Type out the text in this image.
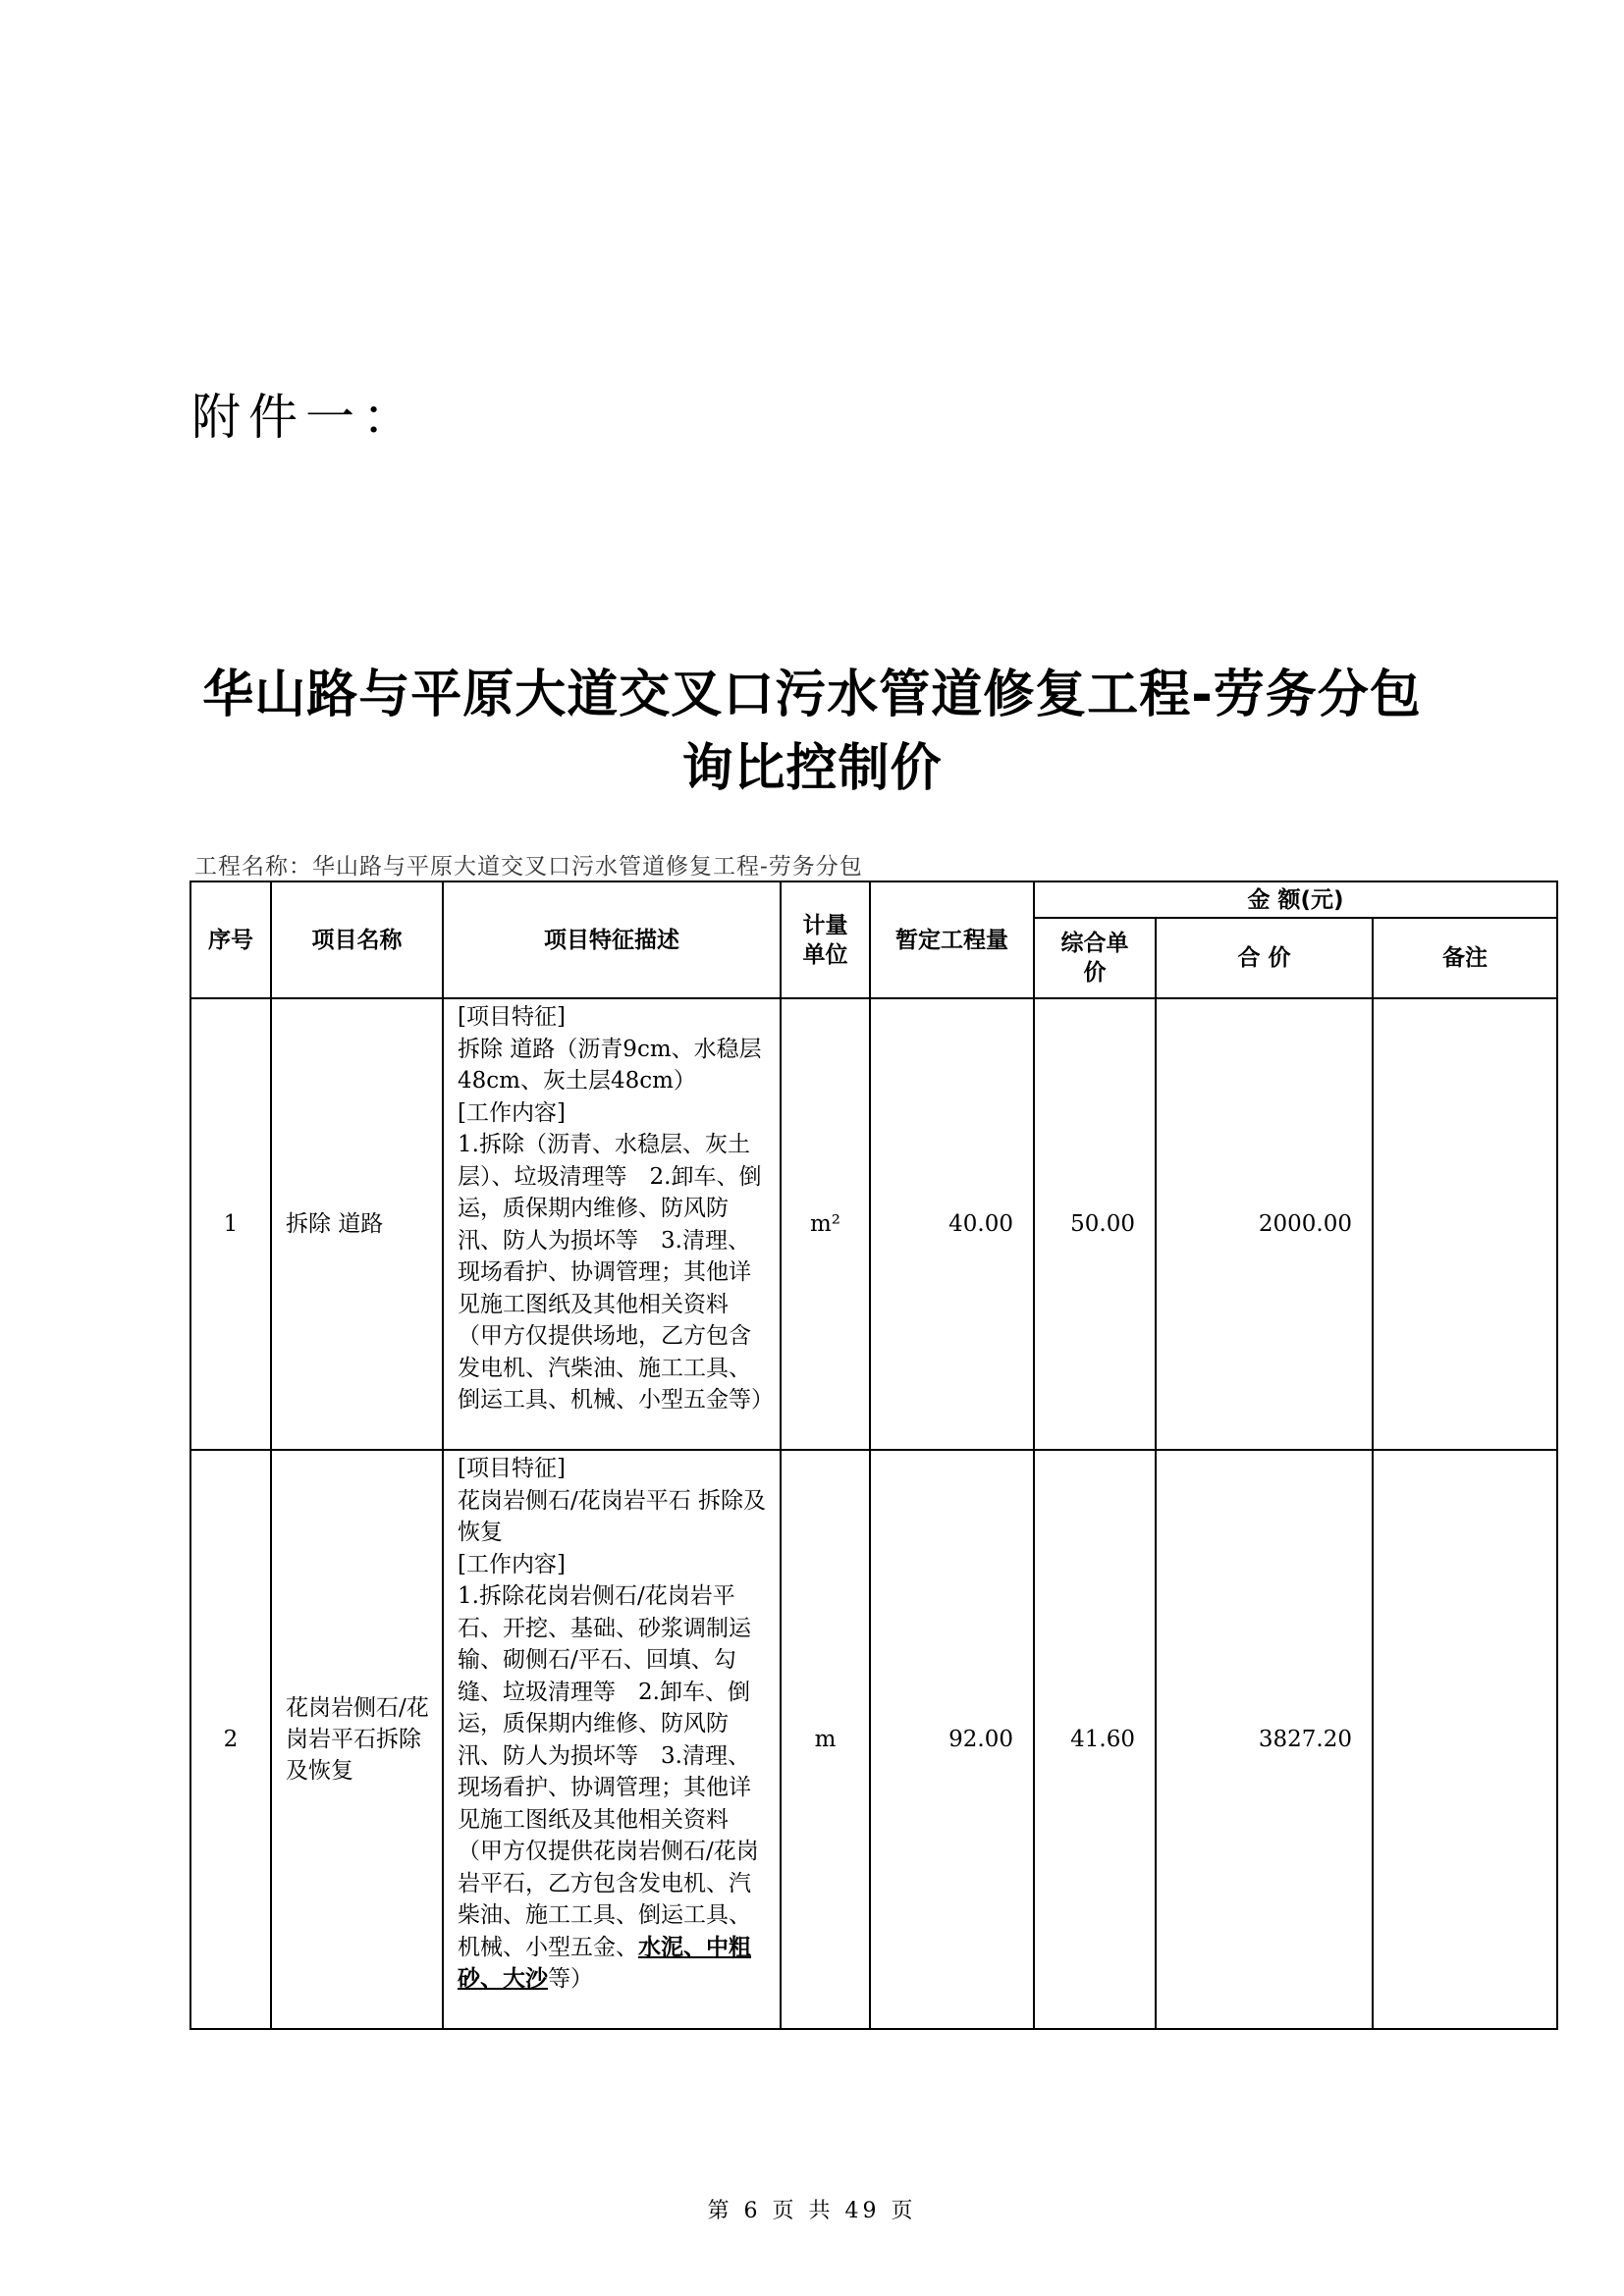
附件一：
华山路与平原大道交叉口污水管道修复工程-劳务分包
询比控制价
工程名称：华山路与平原大道交叉口污水管道修复工程-劳务分包
序号	项目名称	项目特征描述	计量
单位	暂定工程量	金 额(元)		
					综合单
价	合 价	备注
1	拆除 道路	[项目特征]
拆除 道路（沥青9cm、水稳层48cm、灰土层48cm）
[工作内容]
1.拆除（沥青、水稳层、灰土层）、垃圾清理等　2.卸车、倒运，质保期内维修、防风防汛、防人为损坏等　3.清理、现场看护、协调管理；其他详见施工图纸及其他相关资料（甲方仅提供场地，乙方包含发电机、汽柴油、施工工具、倒运工具、机械、小型五金等）	m²	40.00	50.00	2000.00	
2	花岗岩侧石/花岗岩平石拆除及恢复	[项目特征]
花岗岩侧石/花岗岩平石 拆除及恢复
[工作内容]
1.拆除花岗岩侧石/花岗岩平石、开挖、基础、砂浆调制运输、砌侧石/平石、回填、勾缝、垃圾清理等　2.卸车、倒运，质保期内维修、防风防汛、防人为损坏等　3.清理、现场看护、协调管理；其他详见施工图纸及其他相关资料（甲方仅提供花岗岩侧石/花岗岩平石，乙方包含发电机、汽柴油、施工工具、倒运工具、机械、小型五金、水泥、中粗砂、大沙等）	m	92.00	41.60	3827.20	
第 6 页 共 49 页
